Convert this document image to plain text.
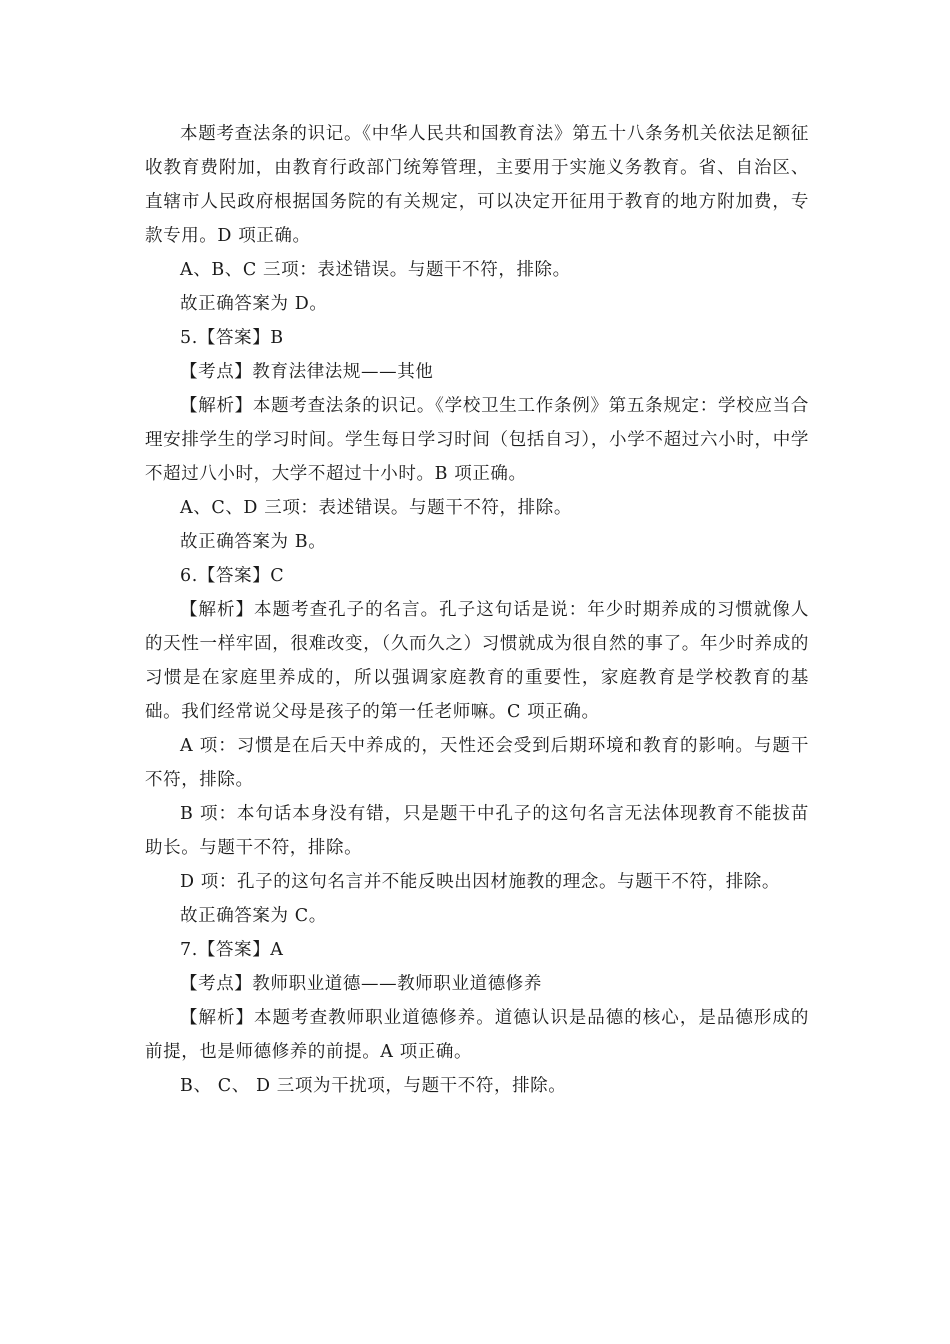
本题考查法条的识记。《中华人民共和国教育法》第五十八条务机关依法足额征收教育费附加，由教育行政部门统筹管理，主要用于实施义务教育。省、自治区、直辖市人民政府根据国务院的有关规定，可以决定开征用于教育的地方附加费，专款专用。D 项正确。

A、B、C 三项：表述错误。与题干不符，排除。

故正确答案为 D。

5.【答案】B

【考点】教育法律法规——其他

【解析】本题考查法条的识记。《学校卫生工作条例》第五条规定：学校应当合理安排学生的学习时间。学生每日学习时间（包括自习），小学不超过六小时，中学不超过八小时，大学不超过十小时。B 项正确。

A、C、D 三项：表述错误。与题干不符，排除。

故正确答案为 B。

6.【答案】C

【解析】本题考查孔子的名言。孔子这句话是说：年少时期养成的习惯就像人的天性一样牢固，很难改变，（久而久之）习惯就成为很自然的事了。年少时养成的习惯是在家庭里养成的，所以强调家庭教育的重要性，家庭教育是学校教育的基础。我们经常说父母是孩子的第一任老师嘛。C 项正确。

A 项：习惯是在后天中养成的，天性还会受到后期环境和教育的影响。与题干不符，排除。

B 项：本句话本身没有错，只是题干中孔子的这句名言无法体现教育不能拔苗助长。与题干不符，排除。

D 项：孔子的这句名言并不能反映出因材施教的理念。与题干不符，排除。

故正确答案为 C。

7.【答案】A

【考点】教师职业道德——教师职业道德修养

【解析】本题考查教师职业道德修养。道德认识是品德的核心，是品德形成的前提，也是师德修养的前提。A 项正确。

B、 C、 D 三项为干扰项，与题干不符，排除。
